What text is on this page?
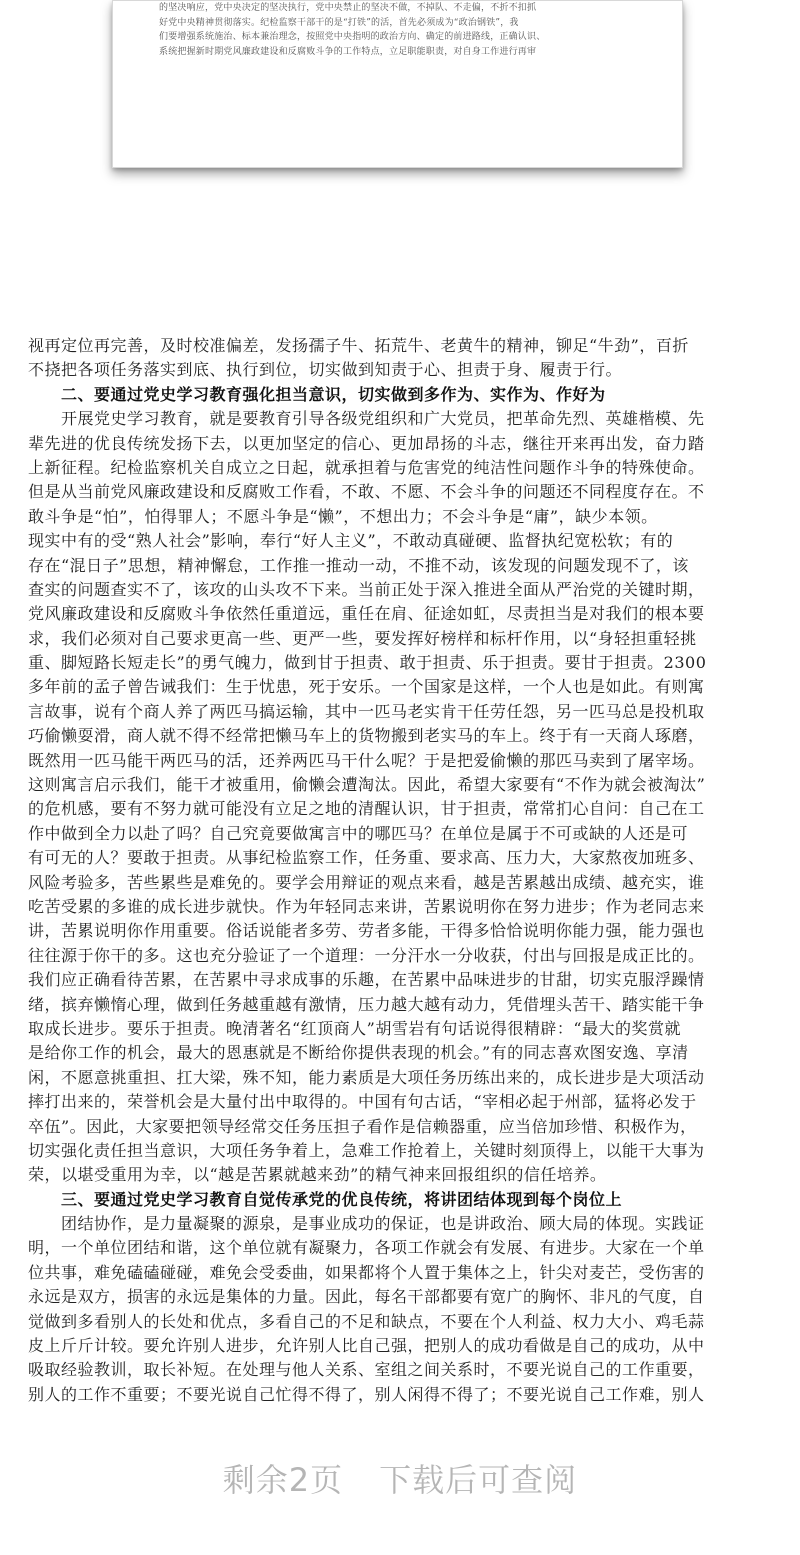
的坚决响应，党中央决定的坚决执行，党中央禁止的坚决不做，不掉队、不走偏，不折不扣抓
好党中央精神贯彻落实。纪检监察干部干的是“打铁”的活，首先必须成为“政治钢铁”，我
们要增强系统施治、标本兼治理念，按照党中央指明的政治方向、确定的前进路线，正确认识、
系统把握新时期党风廉政建设和反腐败斗争的工作特点，立足职能职责，对自身工作进行再审
视再定位再完善，及时校准偏差，发扬孺子牛、拓荒牛、老黄牛的精神，铆足“牛劲”，百折
不挠把各项任务落实到底、执行到位，切实做到知责于心、担责于身、履责于行。
　　二、要通过党史学习教育强化担当意识，切实做到多作为、实作为、作好为
　　开展党史学习教育，就是要教育引导各级党组织和广大党员，把革命先烈、英雄楷模、先
辈先进的优良传统发扬下去，以更加坚定的信心、更加昂扬的斗志，继往开来再出发，奋力踏
上新征程。纪检监察机关自成立之日起，就承担着与危害党的纯洁性问题作斗争的特殊使命。
但是从当前党风廉政建设和反腐败工作看，不敢、不愿、不会斗争的问题还不同程度存在。不
敢斗争是“怕”，怕得罪人；不愿斗争是“懒”，不想出力；不会斗争是“庸”，缺少本领。
现实中有的受“熟人社会”影响，奉行“好人主义”，不敢动真碰硬、监督执纪宽松软；有的
存在“混日子”思想，精神懈怠，工作推一推动一动，不推不动，该发现的问题发现不了，该
查实的问题查实不了，该攻的山头攻不下来。当前正处于深入推进全面从严治党的关键时期，
党风廉政建设和反腐败斗争依然任重道远，重任在肩、征途如虹，尽责担当是对我们的根本要
求，我们必须对自己要求更高一些、更严一些，要发挥好榜样和标杆作用，以“身轻担重轻挑
重、脚短路长短走长”的勇气魄力，做到甘于担责、敢于担责、乐于担责。要甘于担责。2300
多年前的孟子曾告诫我们：生于忧患，死于安乐。一个国家是这样，一个人也是如此。有则寓
言故事，说有个商人养了两匹马搞运输，其中一匹马老实肯干任劳任怨，另一匹马总是投机取
巧偷懒耍滑，商人就不得不经常把懒马车上的货物搬到老实马的车上。终于有一天商人琢磨，
既然用一匹马能干两匹马的活，还养两匹马干什么呢？于是把爱偷懒的那匹马卖到了屠宰场。
这则寓言启示我们，能干才被重用，偷懒会遭淘汰。因此，希望大家要有“不作为就会被淘汰”
的危机感，要有不努力就可能没有立足之地的清醒认识，甘于担责，常常扪心自问：自己在工
作中做到全力以赴了吗？自己究竟要做寓言中的哪匹马？在单位是属于不可或缺的人还是可
有可无的人？要敢于担责。从事纪检监察工作，任务重、要求高、压力大，大家熬夜加班多、
风险考验多，苦些累些是难免的。要学会用辩证的观点来看，越是苦累越出成绩、越充实，谁
吃苦受累的多谁的成长进步就快。作为年轻同志来讲，苦累说明你在努力进步；作为老同志来
讲，苦累说明你作用重要。俗话说能者多劳、劳者多能，干得多恰恰说明你能力强，能力强也
往往源于你干的多。这也充分验证了一个道理：一分汗水一分收获，付出与回报是成正比的。
我们应正确看待苦累，在苦累中寻求成事的乐趣，在苦累中品味进步的甘甜，切实克服浮躁情
绪，摈弃懒惰心理，做到任务越重越有激情，压力越大越有动力，凭借埋头苦干、踏实能干争
取成长进步。要乐于担责。晚清著名“红顶商人”胡雪岩有句话说得很精辟：“最大的奖赏就
是给你工作的机会，最大的恩惠就是不断给你提供表现的机会。”有的同志喜欢图安逸、享清
闲，不愿意挑重担、扛大梁，殊不知，能力素质是大项任务历练出来的，成长进步是大项活动
摔打出来的，荣誉机会是大量付出中取得的。中国有句古话，“宰相必起于州部，猛将必发于
卒伍”。因此，大家要把领导经常交任务压担子看作是信赖器重，应当倍加珍惜、积极作为，
切实强化责任担当意识，大项任务争着上，急难工作抢着上，关键时刻顶得上，以能干大事为
荣，以堪受重用为幸，以“越是苦累就越来劲”的精气神来回报组织的信任培养。
　　三、要通过党史学习教育自觉传承党的优良传统，将讲团结体现到每个岗位上
　　团结协作，是力量凝聚的源泉，是事业成功的保证，也是讲政治、顾大局的体现。实践证
明，一个单位团结和谐，这个单位就有凝聚力，各项工作就会有发展、有进步。大家在一个单
位共事，难免磕磕碰碰，难免会受委曲，如果都将个人置于集体之上，针尖对麦芒，受伤害的
永远是双方，损害的永远是集体的力量。因此，每名干部都要有宽广的胸怀、非凡的气度，自
觉做到多看别人的长处和优点，多看自己的不足和缺点，不要在个人利益、权力大小、鸡毛蒜
皮上斤斤计较。要允许别人进步，允许别人比自己强，把别人的成功看做是自己的成功，从中
吸取经验教训，取长补短。在处理与他人关系、室组之间关系时，不要光说自己的工作重要，
别人的工作不重要；不要光说自己忙得不得了，别人闲得不得了；不要光说自己工作难，别人
剩余2页 下载后可查阅
